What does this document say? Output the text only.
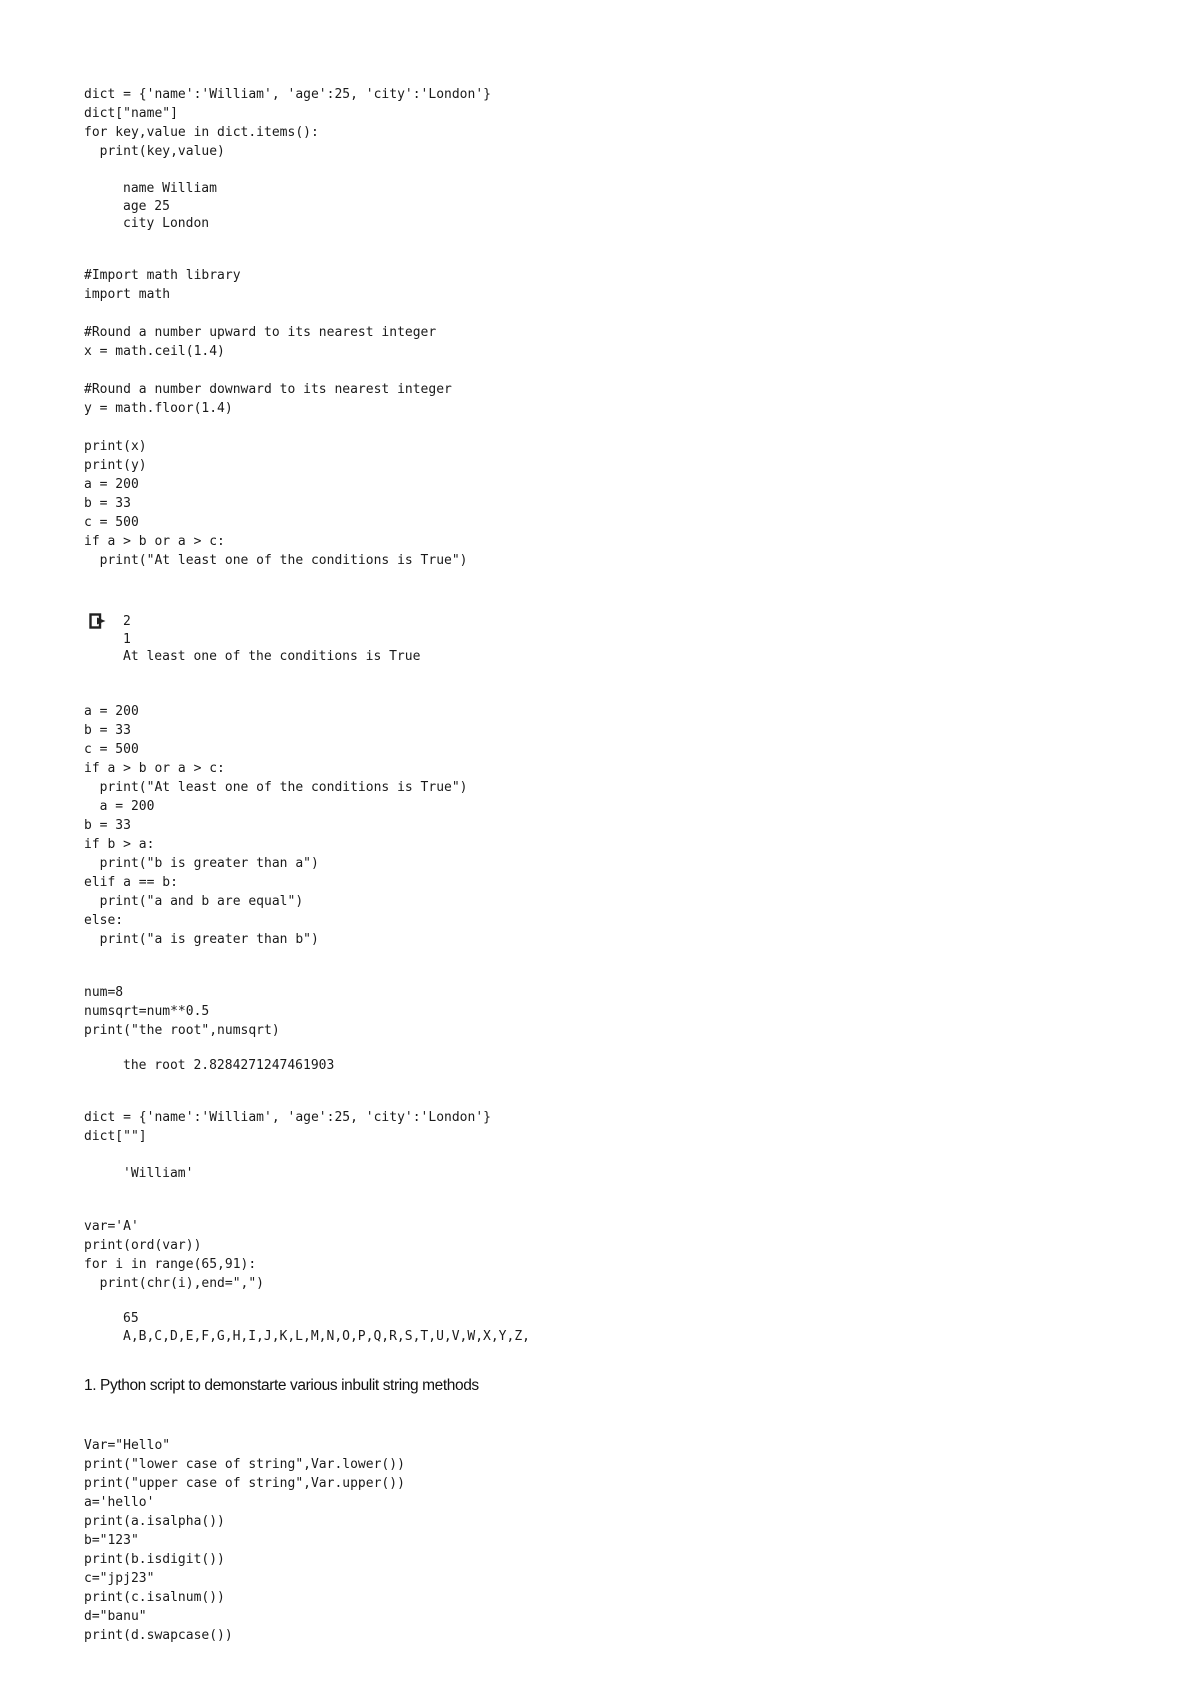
dict = {'name':'William', 'age':25, 'city':'London'}
dict["name"]
for key,value in dict.items():
print(key,value)
name William
age 25
city London
#Import math library
import math

#Round a number upward to its nearest integer
x = math.ceil(1.4)

#Round a number downward to its nearest integer
y = math.floor(1.4)

print(x)
print(y)
a = 200
b = 33
c = 500
if a > b or a > c:
print("At least one of the conditions is True")
2
1
At least one of the conditions is True
a = 200
b = 33
c = 500
if a > b or a > c:
print("At least one of the conditions is True")
a = 200
b = 33
if b > a:
print("b is greater than a")
elif a == b:
print("a and b are equal")
else:
print("a is greater than b")
num=8
numsqrt=num**0.5
print("the root",numsqrt)
the root 2.8284271247461903
dict = {'name':'William', 'age':25, 'city':'London'}
dict[""]
'William'
var='A'
print(ord(var))
for i in range(65,91):
print(chr(i),end=",")
65
A,B,C,D,E,F,G,H,I,J,K,L,M,N,O,P,Q,R,S,T,U,V,W,X,Y,Z,
1. Python script to demonstarte various inbulit string methods
Var="Hello"
print("lower case of string",Var.lower())
print("upper case of string",Var.upper())
a='hello'
print(a.isalpha())
b="123"
print(b.isdigit())
c="jpj23"
print(c.isalnum())
d="banu"
print(d.swapcase())
